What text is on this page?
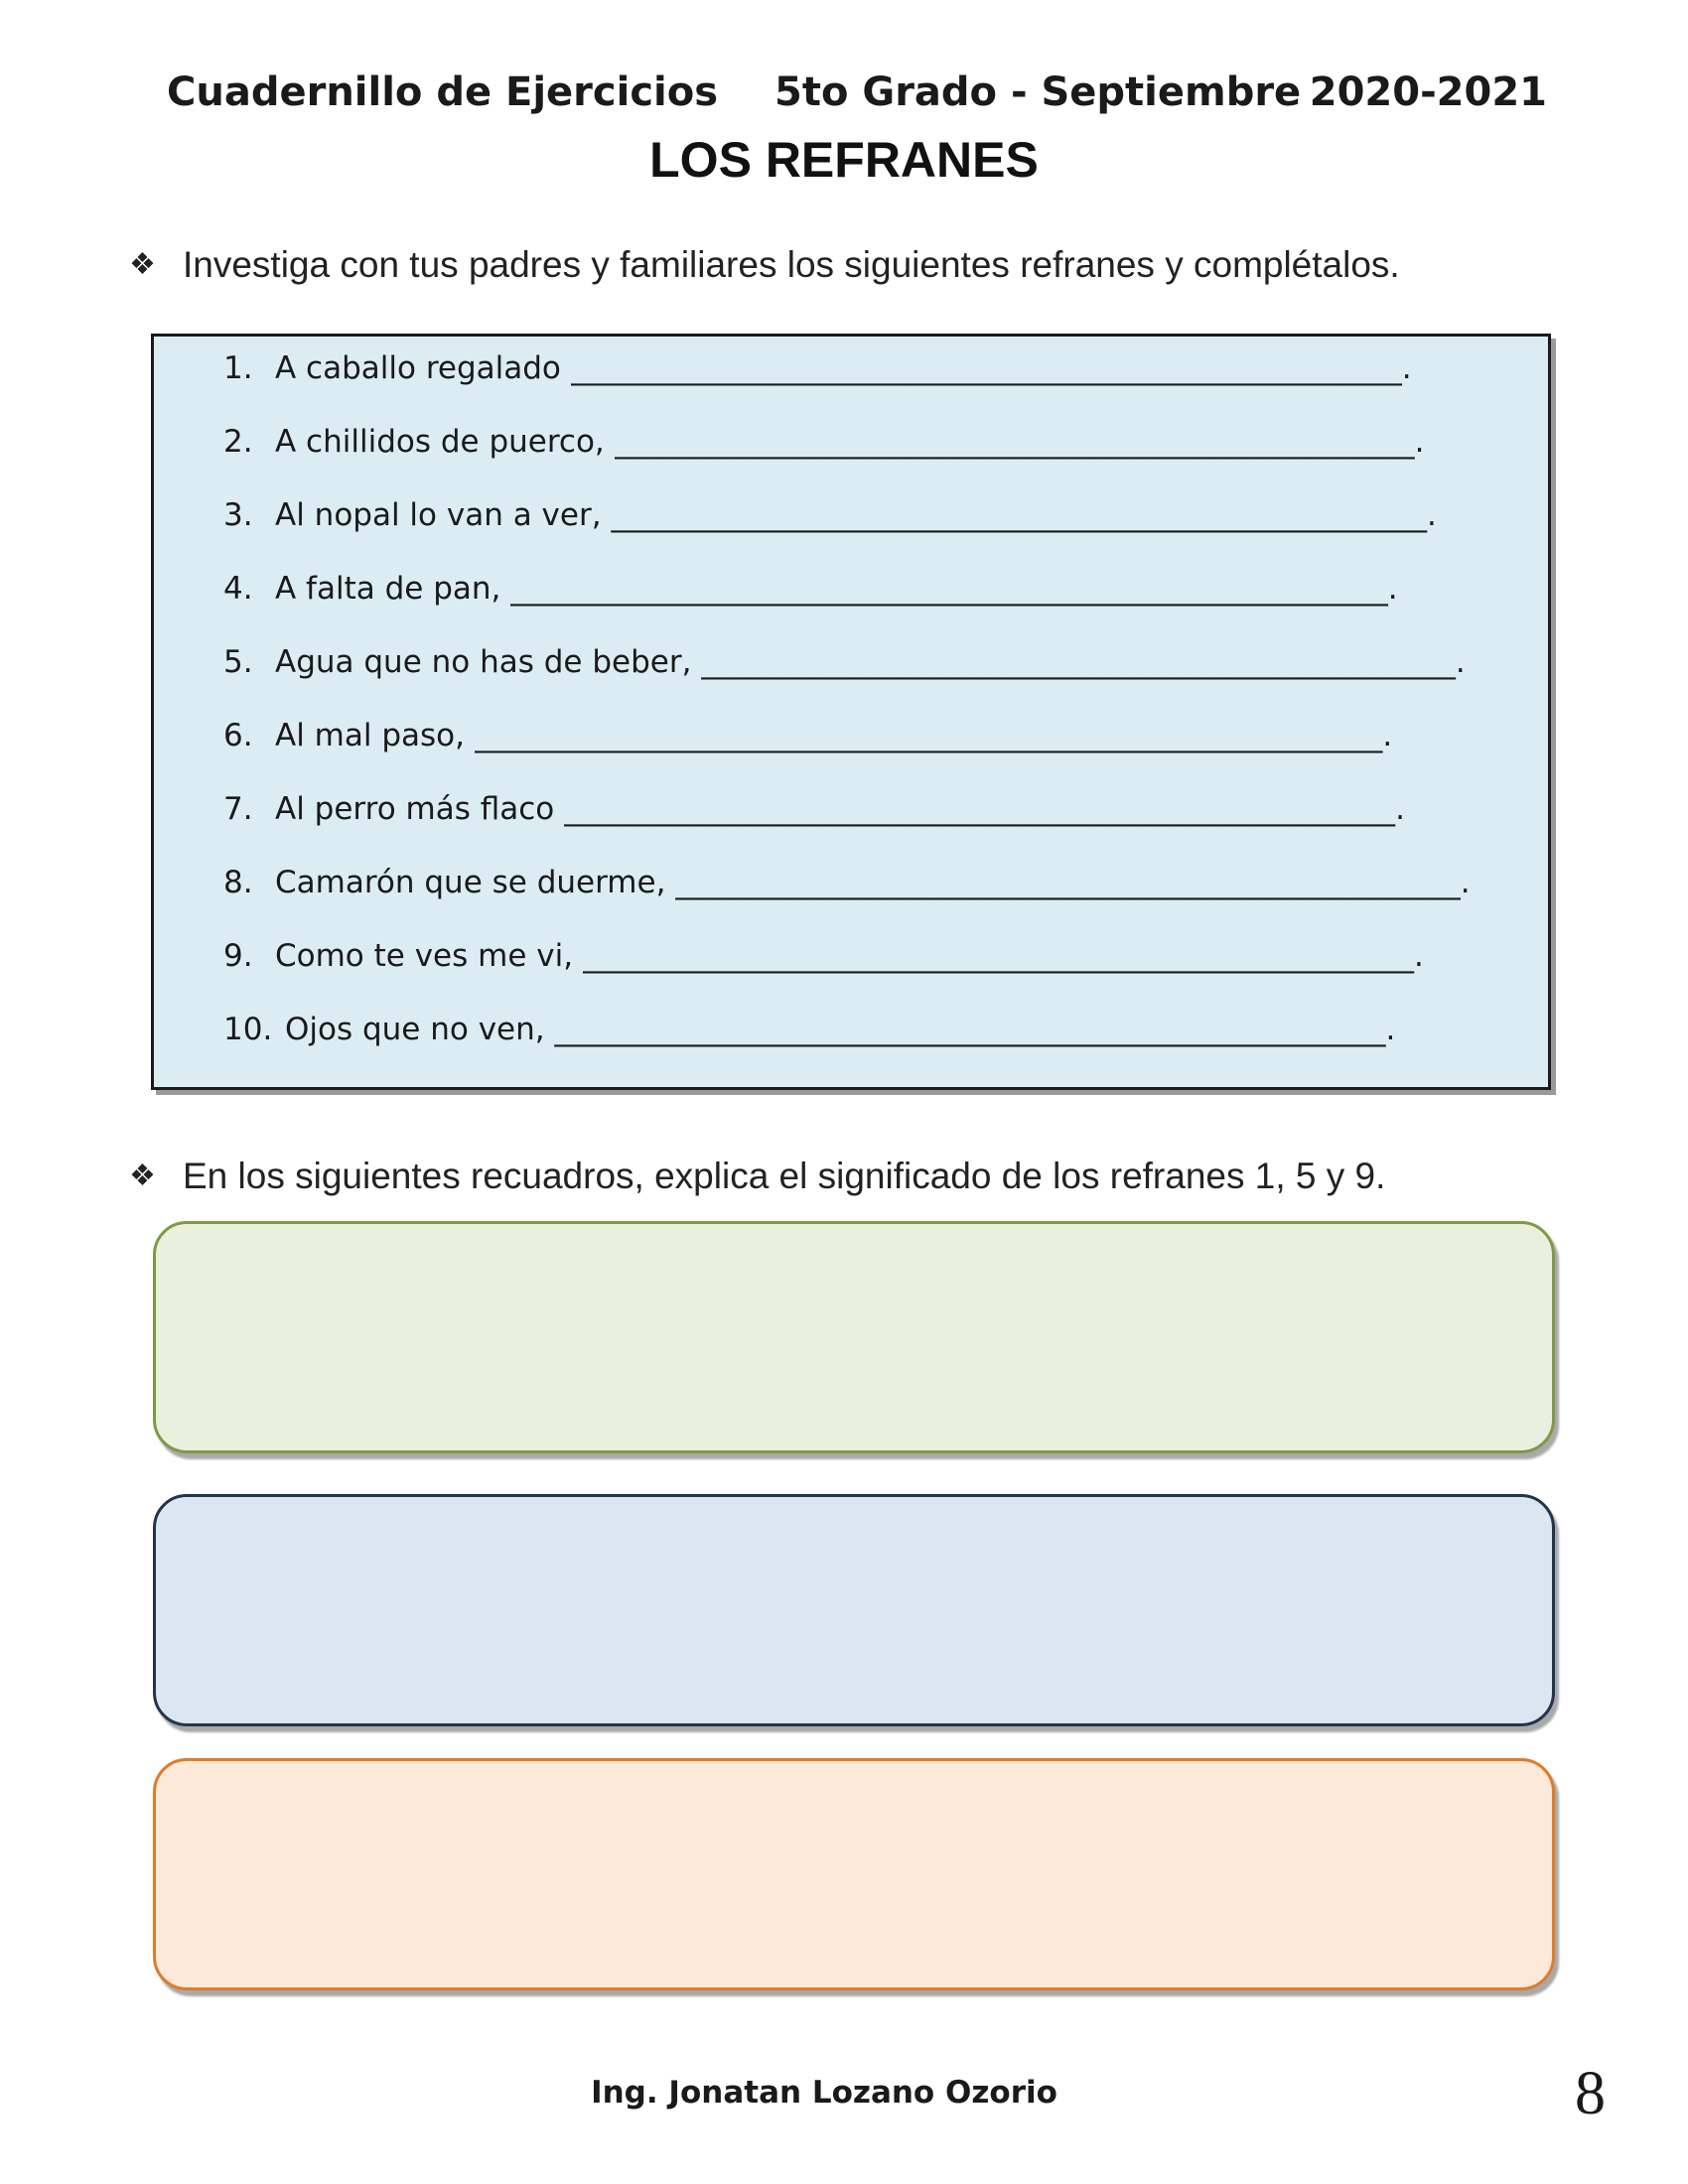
Cuadernillo de Ejercicios 5to Grado - Septiembre 2020-2021
LOS REFRANES
❖ Investiga con tus padres y familiares los siguientes refranes y complétalos.
1. A caballo regalado ______________________________________________________.
2. A chillidos de puerco, ____________________________________________________.
3. Al nopal lo van a ver, _____________________________________________________.
4. A falta de pan, _________________________________________________________.
5. Agua que no has de beber, _________________________________________________.
6. Al mal paso, ___________________________________________________________.
7. Al perro más flaco ______________________________________________________.
8. Camarón que se duerme, ___________________________________________________.
9. Como te ves me vi, ______________________________________________________.
10. Ojos que no ven, ______________________________________________________.
❖ En los siguientes recuadros, explica el significado de los refranes 1, 5 y 9.
Ing. Jonatan Lozano Ozorio	8
